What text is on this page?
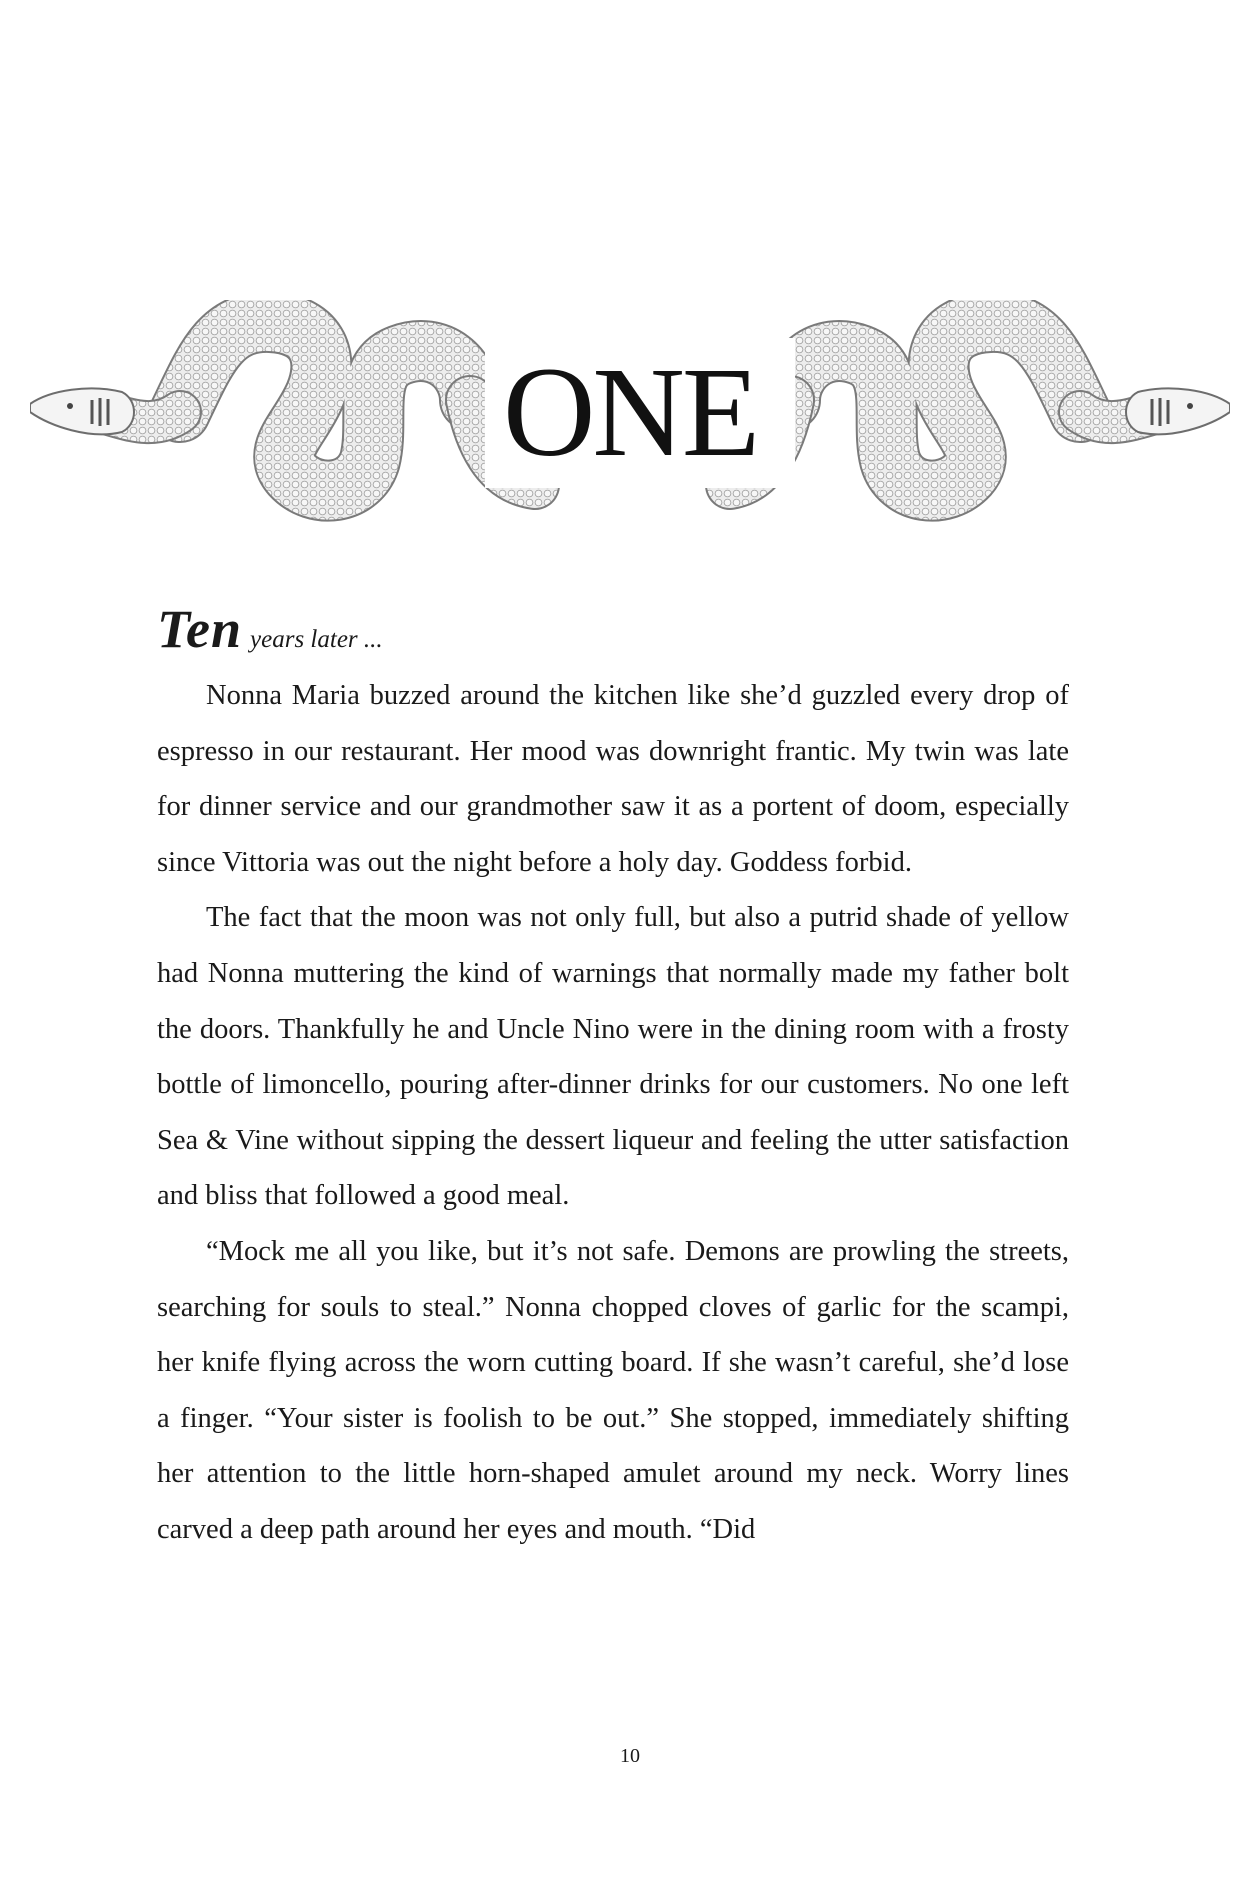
ONE
Ten years later ...

Nonna Maria buzzed around the kitchen like she’d guzzled every drop of espresso in our restaurant. Her mood was downright frantic. My twin was late for dinner service and our grandmother saw it as a portent of doom, especially since Vittoria was out the night before a holy day. Goddess forbid.

The fact that the moon was not only full, but also a putrid shade of yellow had Nonna muttering the kind of warnings that normally made my father bolt the doors. Thankfully he and Uncle Nino were in the dining room with a frosty bottle of limoncello, pouring after-dinner drinks for our customers. No one left Sea & Vine without sipping the dessert liqueur and feeling the utter satisfaction and bliss that followed a good meal.

“Mock me all you like, but it’s not safe. Demons are prowling the streets, searching for souls to steal.” Nonna chopped cloves of garlic for the scampi, her knife flying across the worn cutting board. If she wasn’t careful, she’d lose a finger. “Your sister is foolish to be out.” She stopped, immediately shifting her attention to the little horn-shaped amulet around my neck. Worry lines carved a deep path around her eyes and mouth. “Did

10
